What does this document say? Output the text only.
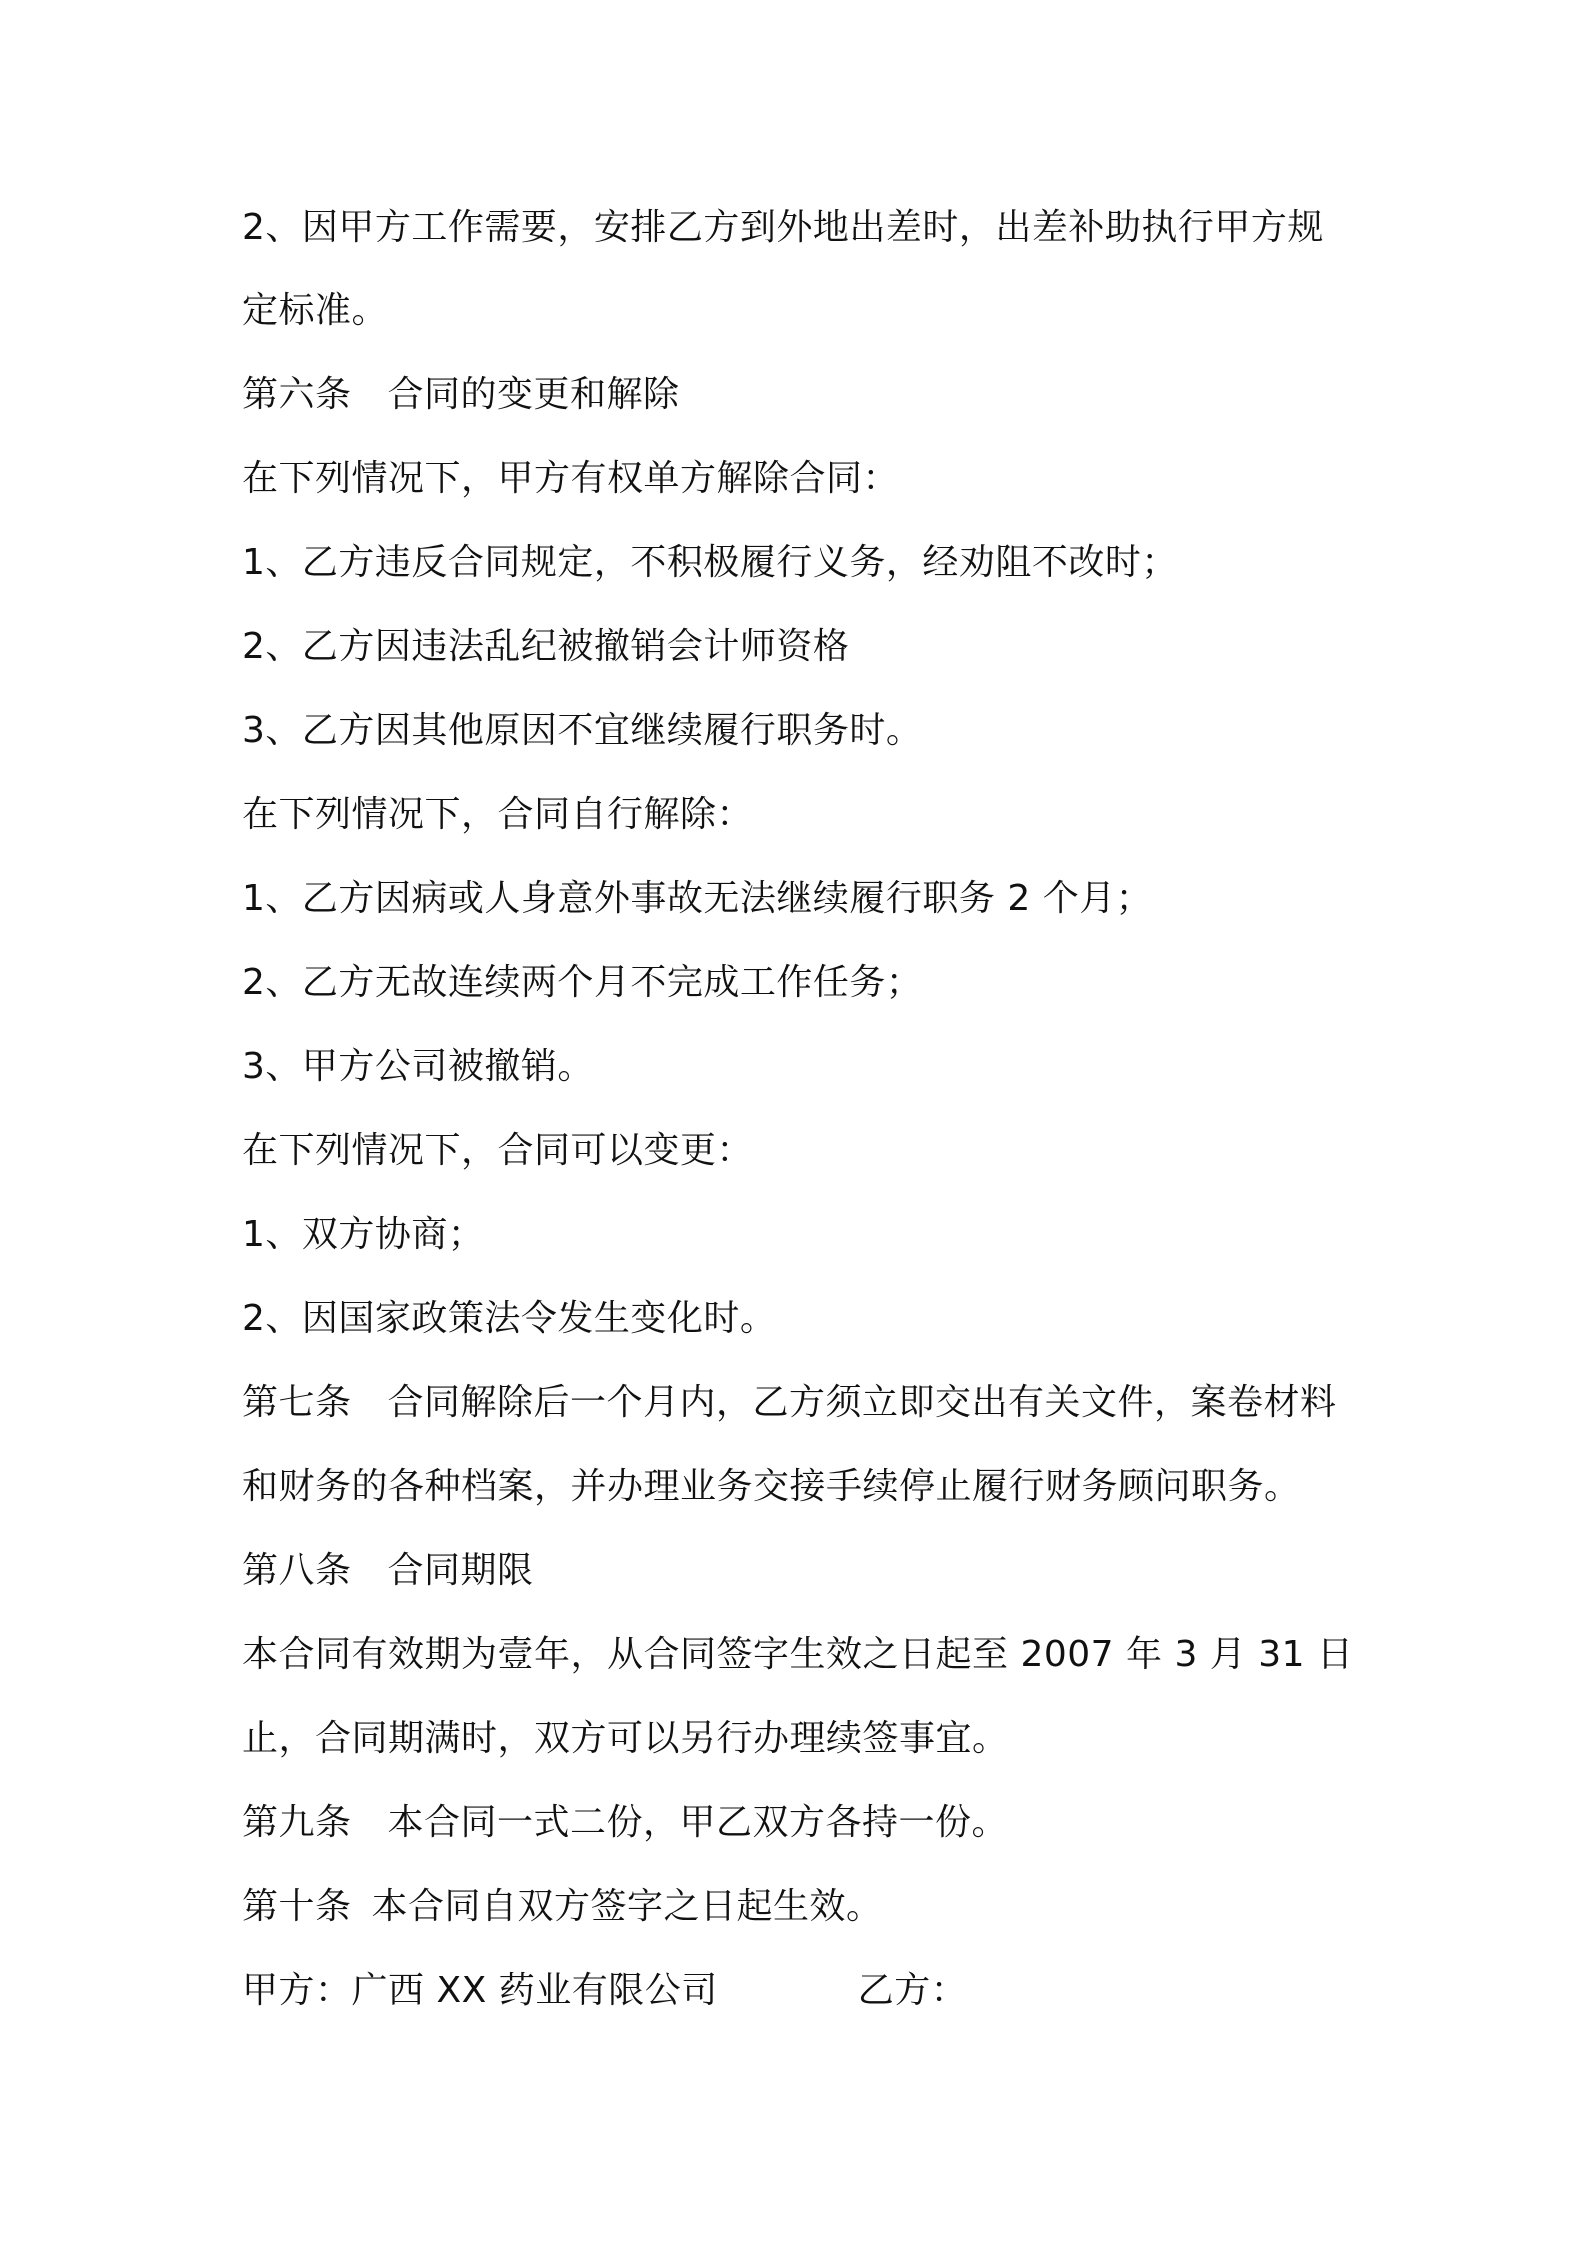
2、因甲方工作需要，安排乙方到外地出差时，出差补助执行甲方规

定标准。

第六条 合同的变更和解除

在下列情况下，甲方有权单方解除合同：

1、乙方违反合同规定，不积极履行义务，经劝阻不改时；

2、乙方因违法乱纪被撤销会计师资格

3、乙方因其他原因不宜继续履行职务时。

在下列情况下，合同自行解除：

1、乙方因病或人身意外事故无法继续履行职务 2 个月；

2、乙方无故连续两个月不完成工作任务；

3、甲方公司被撤销。

在下列情况下，合同可以变更：

1、双方协商；

2、因国家政策法令发生变化时。

第七条 合同解除后一个月内，乙方须立即交出有关文件，案卷材料

和财务的各种档案，并办理业务交接手续停止履行财务顾问职务。

第八条 合同期限

本合同有效期为壹年，从合同签字生效之日起至 2007 年 3 月 31 日

止，合同期满时，双方可以另行办理续签事宜。

第九条 本合同一式二份，甲乙双方各持一份。

第十条 本合同自双方签字之日起生效。

甲方：广西 XX 药业有限公司	乙方：
